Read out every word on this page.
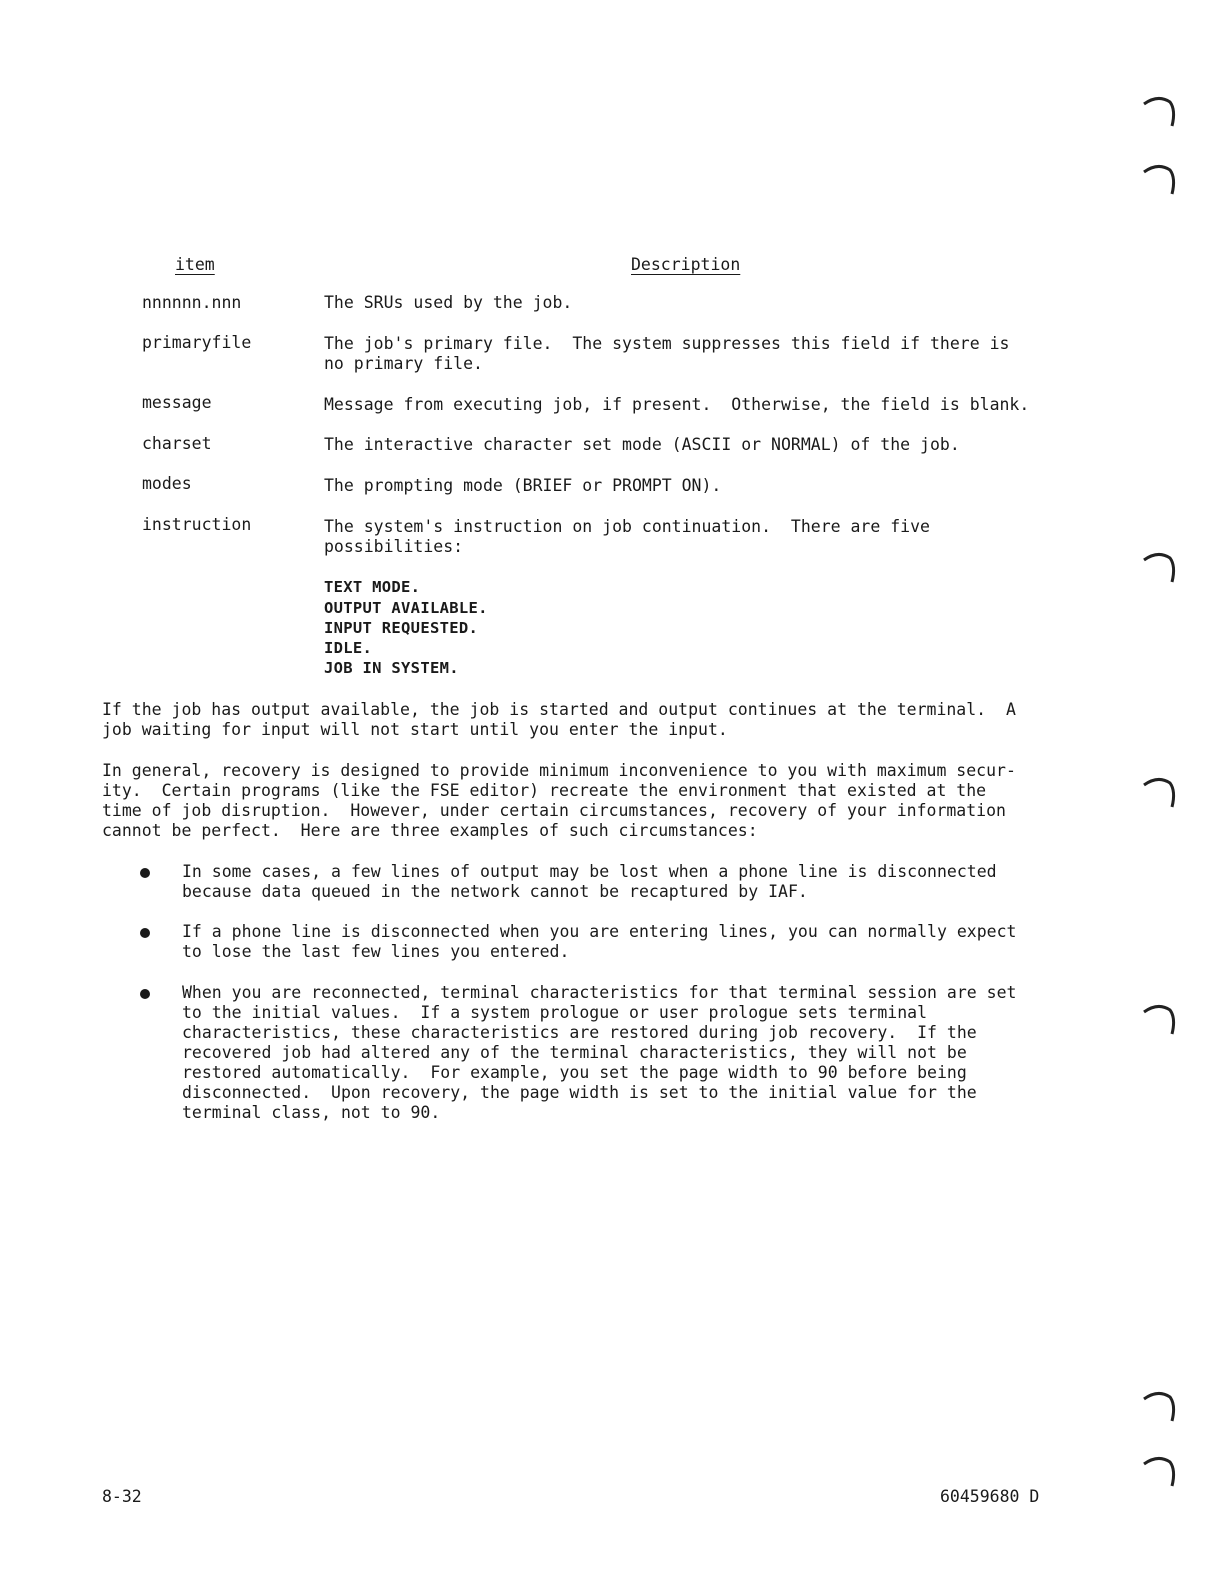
item	Description
nnnnnn.nnn	The SRUs used by the job.
primaryfile	The job's primary file.  The system suppresses this field if there is
no primary file.
message	Message from executing job, if present.  Otherwise, the field is blank.
charset	The interactive character set mode (ASCII or NORMAL) of the job.
modes	The prompting mode (BRIEF or PROMPT ON).
instruction	The system's instruction on job continuation.  There are five
possibilities:
TEXT MODE.
OUTPUT AVAILABLE.
INPUT REQUESTED.
IDLE.
JOB IN SYSTEM.
If the job has output available, the job is started and output continues at the terminal.  A
job waiting for input will not start until you enter the input.
In general, recovery is designed to provide minimum inconvenience to you with maximum secur-
ity.  Certain programs (like the FSE editor) recreate the environment that existed at the
time of job disruption.  However, under certain circumstances, recovery of your information
cannot be perfect.  Here are three examples of such circumstances:
In some cases, a few lines of output may be lost when a phone line is disconnected
because data queued in the network cannot be recaptured by IAF.
If a phone line is disconnected when you are entering lines, you can normally expect
to lose the last few lines you entered.
When you are reconnected, terminal characteristics for that terminal session are set
to the initial values.  If a system prologue or user prologue sets terminal
characteristics, these characteristics are restored during job recovery.  If the
recovered job had altered any of the terminal characteristics, they will not be
restored automatically.  For example, you set the page width to 90 before being
disconnected.  Upon recovery, the page width is set to the initial value for the
terminal class, not to 90.
8-32	60459680 D
